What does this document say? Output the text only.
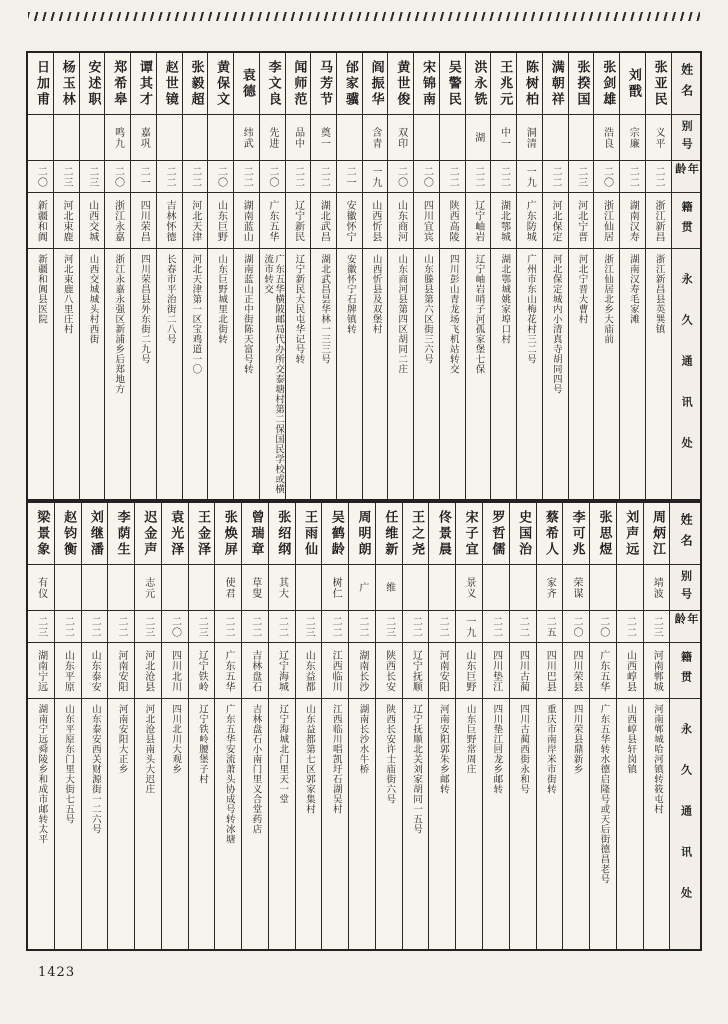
姓名
别号
年龄
籍贯
永久通讯处
张亚民
义平
二二
浙江新昌
浙江新昌县英巽镇
刘戬
宗廉
二二
湖南汉寿
湖南汉寿毛家滩
张剑雄
浩良
二〇
浙江仙居
浙江仙居北乡大庙前
张揆国
二三
河北宁晋
河北宁晋大曹村
满朝祥
二二
河北保定
河北保定城内小清真寺胡同四号
陈树柏
洞清
一九
广东防城
广州市东山梅花村三二号
王兆元
中一
二二
湖北鄂城
湖北鄂城姚家埠口村
洪永铣
湖
二二
辽宁岫岩
辽宁岫岩哨子河孤家堡七保
吴警民
二二
陕西高陵
四川彭山青龙场飞机站转交
宋锦南
二〇
四川宜宾
山东滕县第六区街三六号
黄世俊
双印
二〇
山东商河
山东商河县第四区胡同二庄
阎振华
含青
一九
山西忻县
山西忻县及双堡村
邰家骥
二一
安徽怀宁
安徽怀宁石牌镇转
马芳节
奠一
二二
湖北武昌
湖北武昌昙华林一三三号
闻师范
品中
二二
辽宁新民
辽宁新民大民屯华记号转
李文良
先进
二〇
广东五华
广东五华横陂邮局代办所交泰塘村第二保国民学校或横流市转交
袁德
纬武
二二
湖南蓝山
湖南蓝山正中街陈天富号转
黄保文
二〇
山东巨野
山东巨野城里北街转
张毅超
二二
河北天津
河北天津第一区宝鸡道一〇
赵世镜
二二
吉林怀德
长春市平治街二八号
谭其才
嘉巩
二一
四川荣昌
四川荣昌县外东街二九号
郑希皋
鸣九
二〇
浙江永嘉
浙江永嘉永强区新浦乡后郑地方
安述职
二三
山西交城
山西交城城头村西街
杨玉林
二三
河北束鹿
河北束鹿八里庄村
日加甫
二〇
新疆和阗
新疆和阗县医院
姓名
别号
年龄
籍贯
永久通讯处
周炳江
靖波
二三
河南郸城
河南郸城哈河镇转筱屯村
刘声远
二二
山西崞县
山西崞县轩岗镇
张思煜
二〇
广东五华
广东五华转水德启隆号或天后街德昌老号
李可兆
荣谋
二〇
四川荣县
四川荣县鼎新乡
蔡希人
家齐
二五
四川巴县
重庆市南岸米市街转
史国治
二二
四川古蔺
四川古蔺西街永和号
罗哲儒
二二
四川垫江
四川垫江回龙乡邮转
宋子宜
景义
一九
山东巨野
山东巨野常周庄
佟景晨
二二
河南安阳
河南安阳郭朱乡邮转
王之尧
二二
辽宁抚顺
辽宁抚顺北关刘家胡同一五号
任维新
维
二三
陕西长安
陕西长安许士庙街六号
周明朗
广
二二
湖南长沙
湖南长沙水牛桥
吴鹤龄
树仁
二二
江西临川
江西临川唱凯圩石湖吴村
王雨仙
二三
山东益都
山东益都第七区郭家集村
张绍纲
其大
二二
辽宁海城
辽宁海城北门里天一堂
曾瑞章
草叟
二二
吉林盘石
吉林盘石小南门里义合堂药店
张焕屏
使君
二二
广东五华
广东五华安流萧头协成号转冰塘
王金泽
二三
辽宁铁岭
辽宁铁岭腰堡子村
袁光泽
二〇
四川北川
四川北川大观乡
迟金声
志元
二三
河北沧县
河北沧县南头大迟庄
李荫生
二二
河南安阳
河南安阳大正乡
刘继潘
二二
山东泰安
山东泰安西关财源街一二六号
赵钧衡
二二
山东平原
山东平原东门里大街七五号
梁景象
有仪
二三
湖南宁远
湖南宁远舜陵乡和成市邮转太平
1423
